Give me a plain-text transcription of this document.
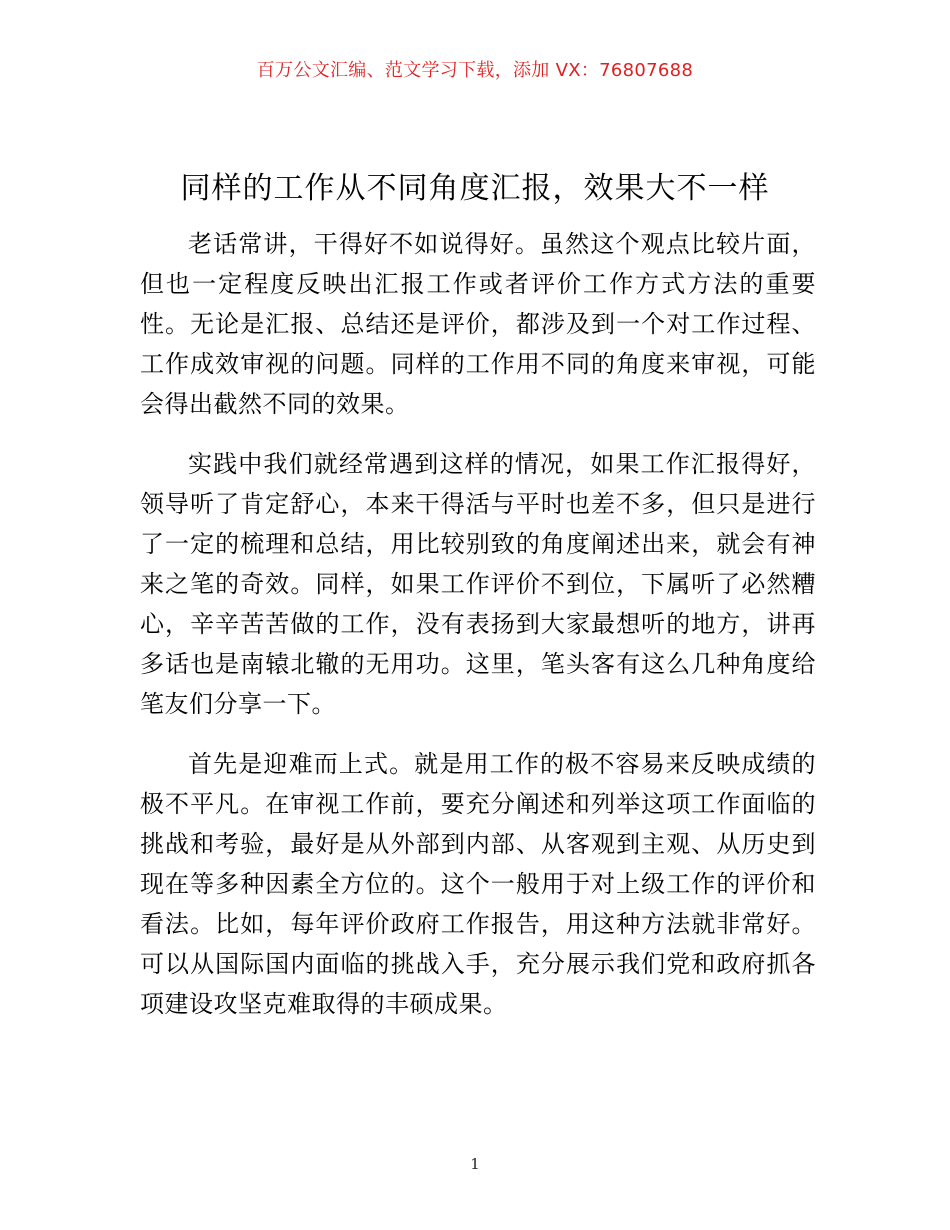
百万公文汇编、范文学习下载，添加 VX：76807688
同样的工作从不同角度汇报，效果大不一样

老话常讲，干得好不如说得好。虽然这个观点比较片面，但也一定程度反映出汇报工作或者评价工作方式方法的重要性。无论是汇报、总结还是评价，都涉及到一个对工作过程、工作成效审视的问题。同样的工作用不同的角度来审视，可能会得出截然不同的效果。

实践中我们就经常遇到这样的情况，如果工作汇报得好，领导听了肯定舒心，本来干得活与平时也差不多，但只是进行了一定的梳理和总结，用比较别致的角度阐述出来，就会有神来之笔的奇效。同样，如果工作评价不到位，下属听了必然糟心，辛辛苦苦做的工作，没有表扬到大家最想听的地方，讲再多话也是南辕北辙的无用功。这里，笔头客有这么几种角度给笔友们分享一下。

首先是迎难而上式。就是用工作的极不容易来反映成绩的极不平凡。在审视工作前，要充分阐述和列举这项工作面临的挑战和考验，最好是从外部到内部、从客观到主观、从历史到现在等多种因素全方位的。这个一般用于对上级工作的评价和看法。比如，每年评价政府工作报告，用这种方法就非常好。可以从国际国内面临的挑战入手，充分展示我们党和政府抓各项建设攻坚克难取得的丰硕成果。

1
